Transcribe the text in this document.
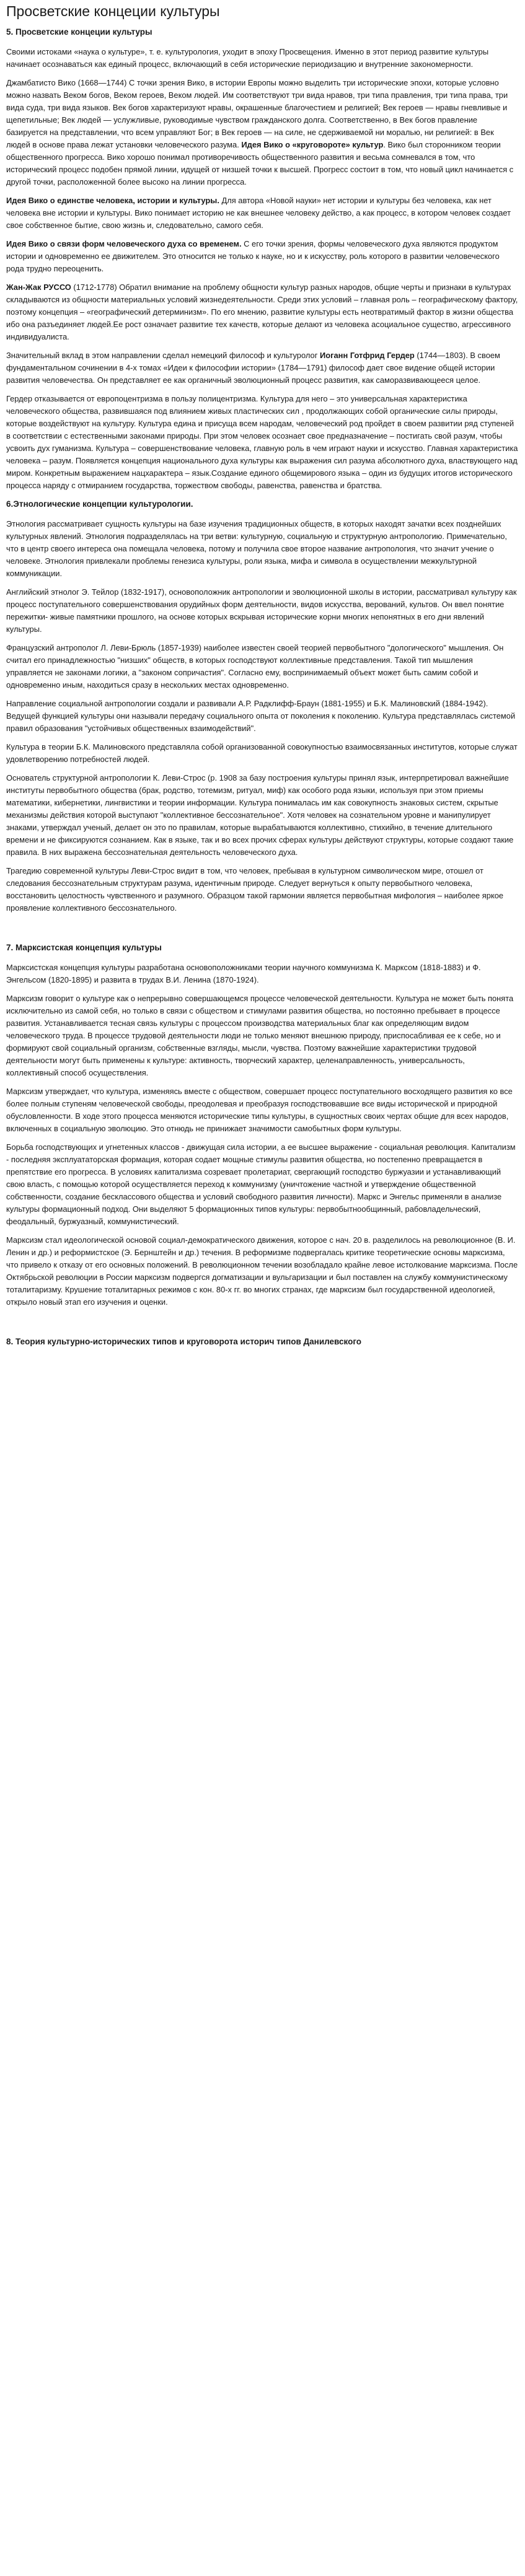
Просветские концеции культуры
5. Просветские концеции культуры

Своими истоками «наука о культуре», т. е. культурология, уходит в эпоху Просвещения. Именно в этот период развитие культуры начинает осознаваться как единый процесс, включающий в себя исторические периодизацию и внутренние закономерности.

Джамбатисто Вико (1668—1744) С точки зрения Вико, в истории Европы можно выделить три исторические эпохи, которые условно можно назвать Веком богов, Веком героев, Веком людей. Им соответствуют три вида нравов, три типа правления, три типа права, три вида суда, три вида языков. Век богов характеризуют нравы, окрашенные благочестием и религией; Век героев — нравы гневливые и щепетильные; Век людей — услужливые, руководимые чувством гражданского долга. Соответственно, в Век богов правление базируется на представлении, что всем управляют Бог; в Век героев — на силе, не сдерживаемой ни моралью, ни религией: в Век людей в основе права лежат установки человеческого разума. Идея Вико о «круговороте» культур. Вико был сторонником теории общественного прогресса. Вико хорошо понимал противоречивость общественного развития и весьма сомневался в том, что исторический процесс подобен прямой линии, идущей от низшей точки к высшей. Прогресс состоит в том, что новый цикл начинается с другой точки, расположенной более высоко на линии прогресса.

Идея Вико о единстве человека, истории и культуры. Для автора «Новой науки» нет истории и культуры без человека, как нет человека вне истории и культуры. Вико понимает историю не как внешнее человеку действо, а как процесс, в котором человек создает свое собственное бытие, свою жизнь и, следовательно, самого себя.

Идея Вико о связи форм человеческого духа со временем. С его точки зрения, формы человеческого духа являются продуктом истории и одновременно ее движителем. Это относится не только к науке, но и к искусству, роль которого в развитии человеческого рода трудно переоценить.

Жан-Жак РУССО (1712-1778) Обратил внимание на проблему общности культур разных народов, общие черты и признаки в культурах складываются из общности материальных условий жизнедеятельности. Среди этих условий – главная роль – географическому фактору, поэтому концепция – «географический детерминизм». По его мнению, развитие культуры есть неотвратимый фактор в жизни общества ибо она разъединяет людей.Ее рост означает развитие тех качеств, которые делают из человека асоциальное существо, агрессивного индивидуалиста.

Значительный вклад в этом направлении сделал немецкий философ и культуролог Иоганн Готфрид Гердер (1744—1803). В своем фундаментальном сочинении в 4-х томах «Идеи к философии истории» (1784—1791) философ дает свое видение общей истории развития человечества. Он представляет ее как органичный эволюционный процесс развития, как саморазвивающееся целое.

Гердер отказывается от европоцентризма в пользу полицентризма. Культура для него – это универсальная характеристика человеческого общества, развившаяся под влиянием живых пластических сил , продолжающих собой органические силы природы, которые воздействуют на культуру. Культура едина и присуща всем народам, человеческий род пройдет в своем развитии ряд ступеней в соответствии с естественными законами природы. При этом человек осознает свое предназначение – постигать свой разум, чтобы усвоить дух гуманизма. Культура – совершенствование человека, главную роль в чем играют науки и искусство. Главная характеристика человека – разум. Появляется концепция национального духа культуры как выражения сил разума абсолютного духа, властвующего над миром. Конкретным выражением нацхарактера – язык.Создание единого общемирового языка – один из будущих итогов исторического процесса наряду с отмиранием государства, торжеством свободы, равенства, равенства и братства.

6.Этнологические концепции культурологии.

Этнология рассматривает сущность культуры на базе изучения традиционных обществ, в которых находят зачатки всех позднейших культурных явлений. Этнология подразделялась на три ветви: культурную, социальную и структурную антропологию. Примечательно, что в центр своего интереса она помещала человека, потому и получила свое второе название антропология, что значит учение о человеке. Этнология привлекали проблемы генезиса культуры, роли языка, мифа и символа в осуществлении межкультурной коммуникации.

Английский этнолог Э. Тейлор (1832-1917), основоположник антропологии и эволюционной школы в истории, рассматривал культуру как процесс поступательного совершенствования орудийных форм деятельности, видов искусства, верований, культов. Он ввел понятие пережитки- живые памятники прошлого, на основе которых вскрывая исторические корни многих непонятных в его дни явлений культуры.

Французский антрополог Л. Леви-Брюль (1857-1939) наиболее известен своей теорией первобытного "дологического" мышления. Он считал его принадлежностью "низших" обществ, в которых господствуют коллективные представления. Такой тип мышления управляется не законами логики, а "законом сопричастия". Согласно ему, воспринимаемый объект может быть самим собой и одновременно иным, находиться сразу в нескольких местах одновременно.

Направление социальной антропологии создали и развивали А.Р. Радклифф-Браун (1881-1955) и Б.К. Малиновский (1884-1942). Ведущей функцией культуры они называли передачу социального опыта от поколения к поколению. Культура представлялась системой правил образования "устойчивых общественных взаимодействий".

Культура в теории Б.К. Малиновского представляла собой организованной совокупностью взаимосвязанных институтов, которые служат удовлетворению потребностей людей.

Основатель структурной антропологии К. Леви-Строс (р. 1908 за базу построения культуры принял язык, интерпретировал важнейшие институты первобытного общества (брак, родство, тотемизм, ритуал, миф) как особого рода языки, используя при этом приемы математики, кибернетики, лингвистики и теории информации. Культура понималась им как совокупность знаковых систем, скрытые механизмы действия которой выступают "коллективное бессознательное". Хотя человек на сознательном уровне и манипулирует знаками, утверждал ученый, делает он это по правилам, которые вырабатываются коллективно, стихийно, в течение длительного времени и не фиксируются сознанием. Как в языке, так и во всех прочих сферах культуры действуют структуры, которые создают такие правила. В них выражена бессознательная деятельность человеческого духа.

Трагедию современной культуры Леви-Строс видит в том, что человек, пребывая в культурном символическом мире, отошел от следования бессознательным структурам разума, идентичным природе. Следует вернуться к опыту первобытного человека, восстановить целостность чувственного и разумного. Образцом такой гармонии является первобытная мифология – наиболее яркое проявление коллективного бессознательного.

7. Марксистская концепция культуры

Марксистская концепция культуры разработана основоположниками теории научного коммунизма К. Марксом (1818-1883) и Ф. Энгельсом (1820-1895) и развита в трудах В.И. Ленина (1870-1924).

Марксизм говорит о культуре как о непрерывно совершающемся процессе человеческой деятельности. Культура не может быть понята исключительно из самой себя, но только в связи с обществом и стимулами развития общества, но постоянно пребывает в процессе развития. Устанавливается тесная связь культуры с процессом производства материальных благ как определяющим видом человеческого труда. В процессе трудовой деятельности люди не только меняют внешнюю природу, приспосабливая ее к себе, но и формируют свой социальный организм, собственные взгляды, мысли, чувства. Поэтому важнейшие характеристики трудовой деятельности могут быть применены к культуре: активность, творческий характер, целенаправленность, универсальность, коллективный способ осуществления.

Марксизм утверждает, что культура, изменяясь вместе с обществом, совершает процесс поступательного восходящего развития ко все более полным ступеням человеческой свободы, преодолевая и преобразуя господствовавшие все виды исторической и природной обусловленности. В ходе этого процесса меняются исторические типы культуры, в сущностных своих чертах общие для всех народов, включенных в социальную эволюцию. Это отнюдь не принижает значимости самобытных форм культуры.

Борьба господствующих и угнетенных классов - движущая сила истории, а ее высшее выражение - социальная революция. Капитализм - последняя эксплуататорская формация, которая содает мощные стимулы развития общества, но постепенно превращается в препятствие его прогресса. В условиях капитализма созревает пролетариат, свергающий господство буржуазии и устанавливающий свою власть, с помощью которой осуществляется переход к коммунизму (уничтожение частной и утверждение общественной собственности, создание бесклассового общества и условий свободного развития личности). Маркс и Энгельс применяли в анализе культуры формационный подход. Они выделяют 5 формационных типов культуры: первобытнообщинный, рабовладельческий, феодальный, буржуазный, коммунистический.

Марксизм стал идеологической основой социал-демократического движения, которое с нач. 20 в. разделилось на революционное (В. И. Ленин и др.) и реформистское (Э. Бернштейн и др.) течения. В реформизме подвергалась критике теоретические основы марксизма, что привело к отказу от его основных положений. В революционном течении возобладало крайне левое истолкование марксизма. После Октябрьской революции в России марксизм подвергся догматизации и вульгаризации и был поставлен на службу коммунистическому тоталитаризму. Крушение тоталитарных режимов с кон. 80-х гг. во многих странах, где марксизм был государственной идеологией, открыло новый этап его изучения и оценки.

8. Теория культурно-исторических типов и круговорота историч типов Данилевского
